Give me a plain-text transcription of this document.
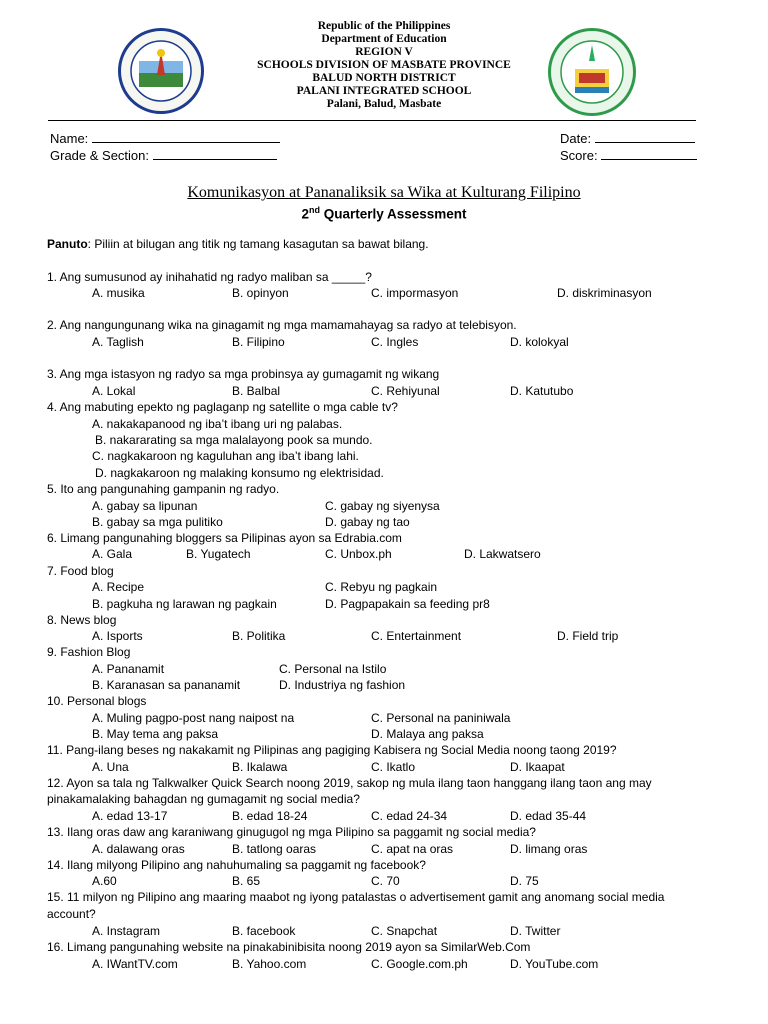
Republic of the Philippines
Department of Education
REGION V
SCHOOLS DIVISION OF MASBATE PROVINCE
BALUD NORTH DISTRICT
PALANI INTEGRATED SCHOOL
Palani, Balud, Masbate
Name:
Grade & Section:
Date:
Score:
Komunikasyon at Pananaliksik sa Wika at Kulturang Filipino
2nd Quarterly Assessment
Panuto: Piliin at bilugan ang titik ng tamang kasagutan sa bawat bilang.
1. Ang sumusunod ay inihahatid ng radyo maliban sa _____?
A. musika	B. opinyon	C. impormasyon	D. diskriminasyon
2. Ang nangungunang wika na ginagamit ng mga mamamahayag sa radyo at telebisyon.
A. Taglish	B. Filipino	C. Ingles	D. kolokyal
3. Ang mga istasyon ng radyo sa mga probinsya ay gumagamit ng wikang
A. Lokal	B. Balbal	C. Rehiyunal	D. Katutubo
4. Ang mabuting epekto ng paglaganp ng satellite o mga cable tv?
A. nakakapanood ng iba’t ibang uri ng palabas.
B. nakararating sa mga malalayong pook sa mundo.
C. nagkakaroon ng kaguluhan ang iba’t ibang lahi.
D. nagkakaroon ng malaking konsumo ng elektrisidad.
5. Ito ang pangunahing gampanin ng radyo.
A. gabay sa lipunan	C. gabay ng siyenysa
B. gabay sa mga pulitiko	D. gabay ng tao
6. Limang pangunahing bloggers sa Pilipinas ayon sa Edrabia.com
A. Gala	B. Yugatech	C. Unbox.ph	D. Lakwatsero
7. Food blog
A. Recipe	C. Rebyu ng pagkain
B. pagkuha ng larawan ng pagkain	D. Pagpapakain sa feeding pr8
8. News blog
A. Isports	B. Politika	C. Entertainment	D. Field trip
9. Fashion Blog
A. Pananamit	C. Personal na Istilo
B. Karanasan sa pananamit	D. Industriya ng fashion
10. Personal blogs
A. Muling pagpo-post nang naipost na	C. Personal na paniniwala
B. May tema ang paksa	D. Malaya ang paksa
11. Pang-ilang beses ng nakakamit ng Pilipinas ang pagiging Kabisera ng Social Media noong taong 2019?
A. Una	B. Ikalawa	C. Ikatlo	D. Ikaapat
12. Ayon sa tala ng Talkwalker Quick Search noong 2019, sakop ng mula ilang taon hanggang ilang taon ang may
pinakamalaking bahagdan ng gumagamit ng social media?
A. edad 13-17	B. edad 18-24	C. edad 24-34	D. edad 35-44
13. Ilang oras daw ang karaniwang ginugugol ng mga Pilipino sa paggamit ng social media?
A. dalawang oras	B. tatlong oaras	C. apat na oras	D. limang oras
14. Ilang milyong Pilipino ang nahuhumaling sa paggamit ng facebook?
A.60	B. 65	C. 70	D. 75
15. 11 milyon ng Pilipino ang maaring maabot ng iyong patalastas o advertisement gamit ang anomang social media
account?
A. Instagram	B. facebook	C. Snapchat	D. Twitter
16. Limang pangunahing website na pinakabinibisita noong 2019 ayon sa SimilarWeb.Com
A. IWantTV.com	B. Yahoo.com	C. Google.com.ph	D. YouTube.com
